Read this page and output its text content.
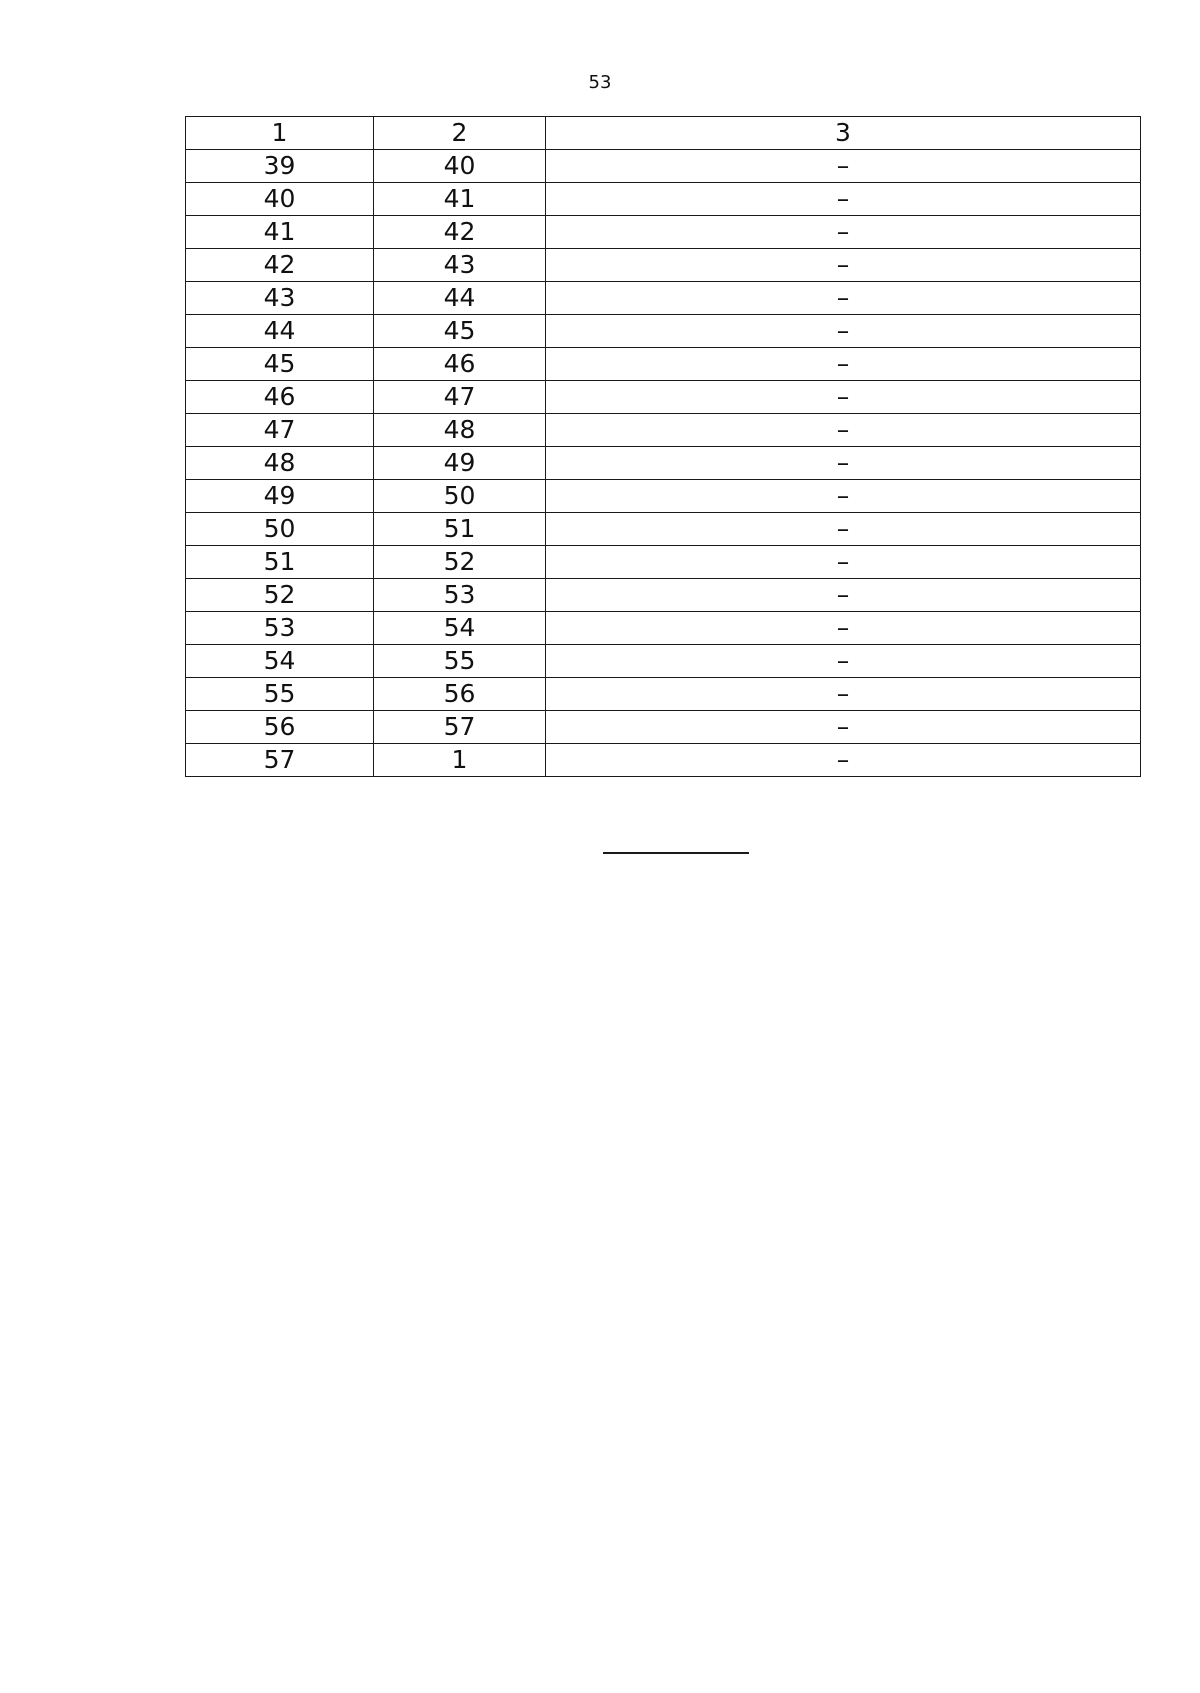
53
1	2	3
39	40	–
40	41	–
41	42	–
42	43	–
43	44	–
44	45	–
45	46	–
46	47	–
47	48	–
48	49	–
49	50	–
50	51	–
51	52	–
52	53	–
53	54	–
54	55	–
55	56	–
56	57	–
57	1	–
